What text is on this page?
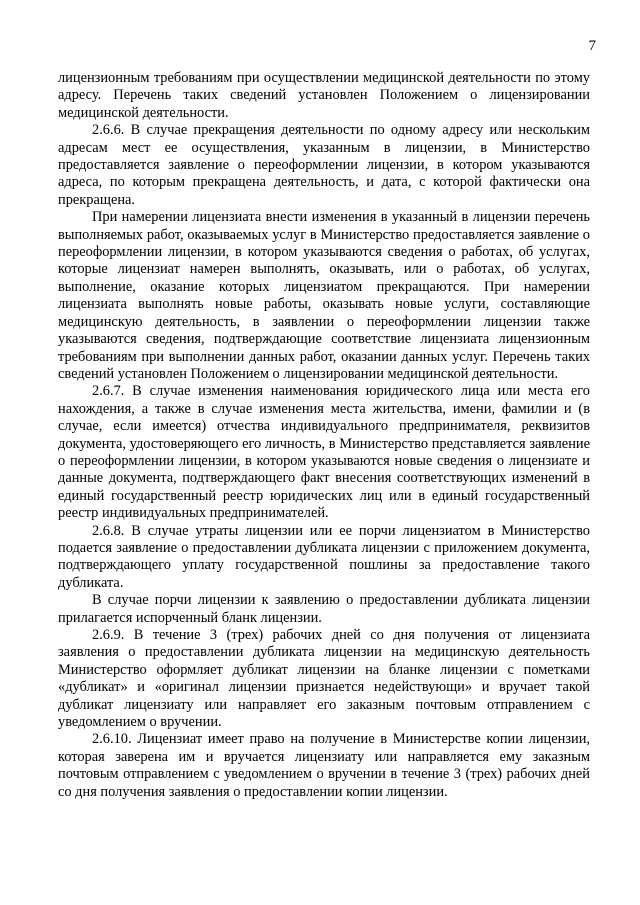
7

лицензионным требованиям при осуществлении медицинской деятельности по этому адресу. Перечень таких сведений установлен Положением о лицензировании медицинской деятельности.

2.6.6. В случае прекращения деятельности по одному адресу или нескольким адресам мест ее осуществления, указанным в лицензии, в Министерство предоставляется заявление о переоформлении лицензии, в котором указываются адреса, по которым прекращена деятельность, и дата, с которой фактически она прекращена.

При намерении лицензиата внести изменения в указанный в лицензии перечень выполняемых работ, оказываемых услуг в Министерство предоставляется заявление о переоформлении лицензии, в котором указываются сведения о работах, об услугах, которые лицензиат намерен выполнять, оказывать, или о работах, об услугах, выполнение, оказание которых лицензиатом прекращаются. При намерении лицензиата выполнять новые работы, оказывать новые услуги, составляющие медицинскую деятельность, в заявлении о переоформлении лицензии также указываются сведения, подтверждающие соответствие лицензиата лицензионным требованиям при выполнении данных работ, оказании данных услуг. Перечень таких сведений установлен Положением о лицензировании медицинской деятельности.

2.6.7. В случае изменения наименования юридического лица или места его нахождения, а также в случае изменения места жительства, имени, фамилии и (в случае, если имеется) отчества индивидуального предпринимателя, реквизитов документа, удостоверяющего его личность, в Министерство представляется заявление о переоформлении лицензии, в котором указываются новые сведения о лицензиате и данные документа, подтверждающего факт внесения соответствующих изменений в единый государственный реестр юридических лиц или в единый государственный реестр индивидуальных предпринимателей.

2.6.8. В случае утраты лицензии или ее порчи лицензиатом в Министерство подается заявление о предоставлении дубликата лицензии с приложением документа, подтверждающего уплату государственной пошлины за предоставление такого дубликата.

В случае порчи лицензии к заявлению о предоставлении дубликата лицензии прилагается испорченный бланк лицензии.

2.6.9. В течение 3 (трех) рабочих дней со дня получения от лицензиата заявления о предоставлении дубликата лицензии на медицинскую деятельность Министерство оформляет дубликат лицензии на бланке лицензии с пометками «дубликат» и «оригинал лицензии признается недействующи» и вручает такой дубликат лицензиату или направляет его заказным почтовым отправлением с уведомлением о вручении.

2.6.10. Лицензиат имеет право на получение в Министерстве копии лицензии, которая заверена им и вручается лицензиату или направляется ему заказным почтовым отправлением с уведомлением о вручении в течение 3 (трех) рабочих дней со дня получения заявления о предоставлении копии лицензии.
